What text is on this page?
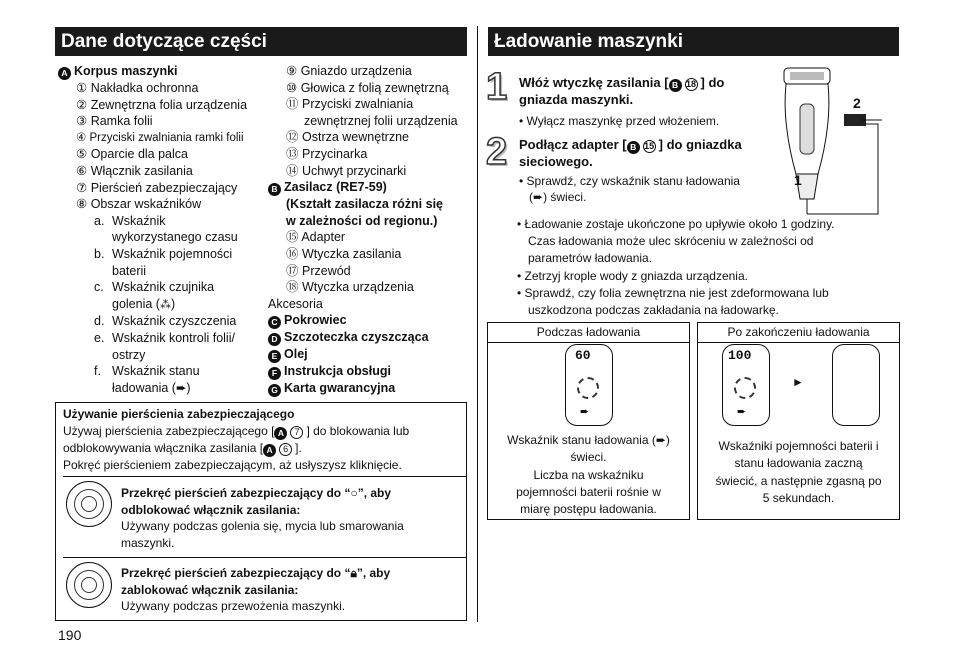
Dane dotyczące części
A Korpus maszynki
① Nakładka ochronna
② Zewnętrzna folia urządzenia
③ Ramka folii
④ Przyciski zwalniania ramki folii
⑤ Oparcie dla palca
⑥ Włącznik zasilania
⑦ Pierścień zabezpieczający
⑧ Obszar wskaźników
a. Wskaźnik
wykorzystanego czasu
b. Wskaźnik pojemności
baterii
c. Wskaźnik czujnika
golenia (⁂)
d. Wskaźnik czyszczenia
e. Wskaźnik kontroli folii/
ostrzy
f. Wskaźnik stanu
ładowania (➨)
⑨ Gniazdo urządzenia
⑩ Głowica z folią zewnętrzną
⑪ Przyciski zwalniania
zewnętrznej folii urządzenia
⑫ Ostrza wewnętrzne
⑬ Przycinarka
⑭ Uchwyt przycinarki
B Zasilacz (RE7-59)
(Kształt zasilacza różni się
w zależności od regionu.)
⑮ Adapter
⑯ Wtyczka zasilania
⑰ Przewód
⑱ Wtyczka urządzenia
Akcesoria
C Pokrowiec
D Szczoteczka czyszcząca
E Olej
F Instrukcja obsługi
G Karta gwarancyjna
Używanie pierścienia zabezpieczającego
Używaj pierścienia zabezpieczającego [ A 7 ] do blokowania lub
odblokowywania włącznika zasilania [ A 6 ].
Pokręć pierścieniem zabezpieczającym, aż usłyszysz kliknięcie.
Przekręć pierścień zabezpieczający do “○”, aby
odblokować włącznik zasilania:
Używany podczas golenia się, mycia lub smarowania
maszynki.
Przekręć pierścień zabezpieczający do “🔒︎”, aby
zablokować włącznik zasilania:
Używany podczas przewożenia maszynki.
190
Ładowanie maszynki
1 Włóż wtyczkę zasilania [ B 18 ] do
gniazda maszynki.
• Wyłącz maszynkę przed włożeniem.
2 Podłącz adapter [ B 15 ] do gniazdka
sieciowego.
• Sprawdź, czy wskaźnik stanu ładowania
(➨) świeci.
2
1
• Ładowanie zostaje ukończone po upływie około 1 godziny.
Czas ładowania może ulec skróceniu w zależności od
parametrów ładowania.
• Zetrzyj krople wody z gniazda urządzenia.
• Sprawdź, czy folia zewnętrzna nie jest zdeformowana lub
uszkodzona podczas zakładania na ładowarkę.
Podczas ładowania
60
➨
Wskaźnik stanu ładowania (➨)
świeci.
Liczba na wskaźniku
pojemności baterii rośnie w
miarę postępu ładowania.
Po zakończeniu ładowania
100
➨
►
Wskaźniki pojemności baterii i
stanu ładowania zaczną
świecić, a następnie zgasną po
5 sekundach.
